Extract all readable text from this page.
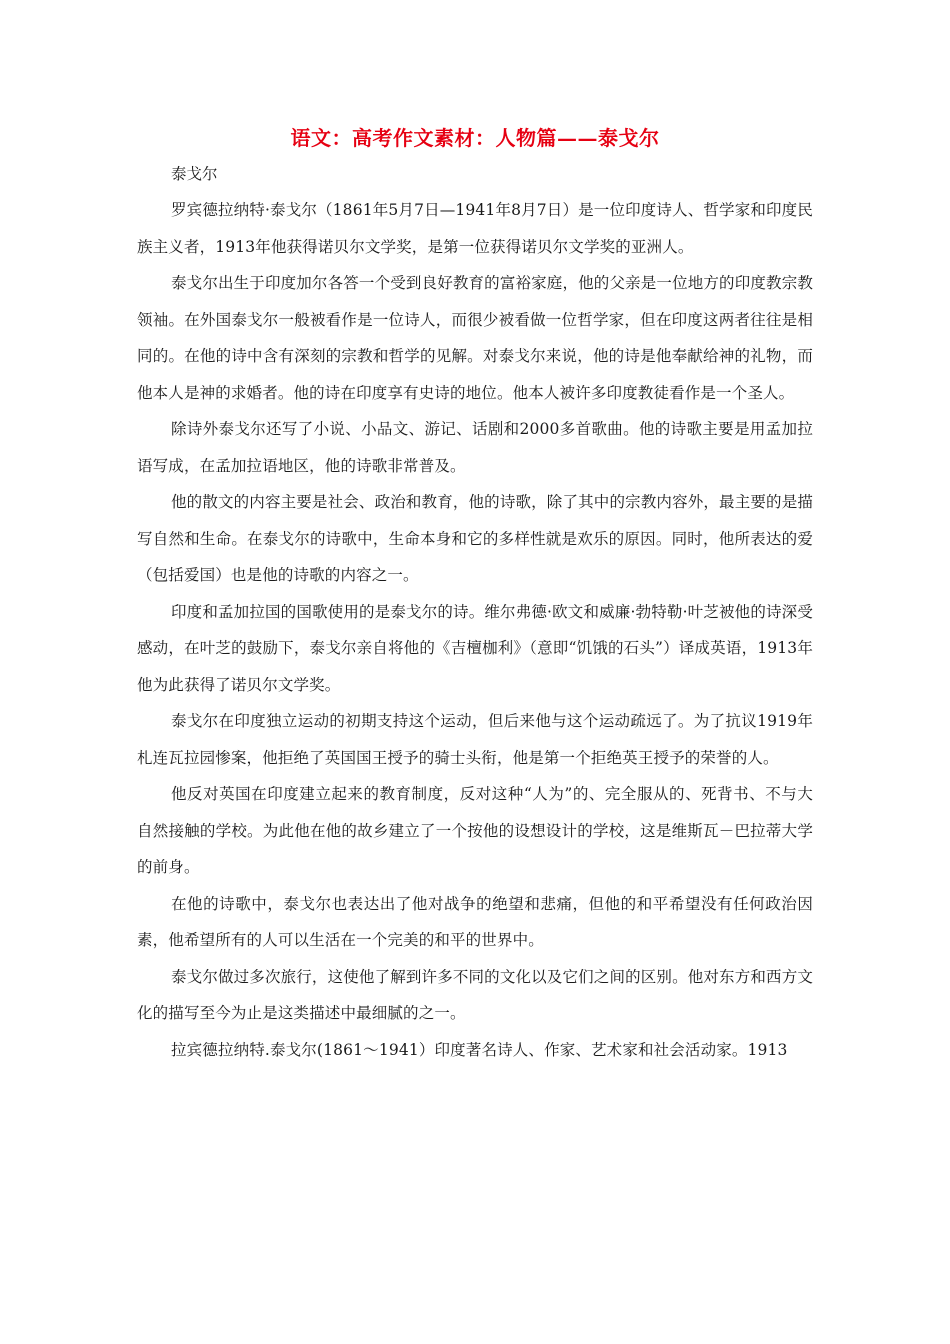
语文：高考作文素材：人物篇——泰戈尔

泰戈尔

罗宾德拉纳特·泰戈尔（1861年5月7日—1941年8月7日）是一位印度诗人、哲学家和印度民族主义者，1913年他获得诺贝尔文学奖，是第一位获得诺贝尔文学奖的亚洲人。

泰戈尔出生于印度加尔各答一个受到良好教育的富裕家庭，他的父亲是一位地方的印度教宗教领袖。在外国泰戈尔一般被看作是一位诗人，而很少被看做一位哲学家，但在印度这两者往往是相同的。在他的诗中含有深刻的宗教和哲学的见解。对泰戈尔来说，他的诗是他奉献给神的礼物，而他本人是神的求婚者。他的诗在印度享有史诗的地位。他本人被许多印度教徒看作是一个圣人。

除诗外泰戈尔还写了小说、小品文、游记、话剧和2000多首歌曲。他的诗歌主要是用孟加拉语写成，在孟加拉语地区，他的诗歌非常普及。

他的散文的内容主要是社会、政治和教育，他的诗歌，除了其中的宗教内容外，最主要的是描写自然和生命。在泰戈尔的诗歌中，生命本身和它的多样性就是欢乐的原因。同时，他所表达的爱（包括爱国）也是他的诗歌的内容之一。

印度和孟加拉国的国歌使用的是泰戈尔的诗。维尔弗德·欧文和威廉·勃特勒·叶芝被他的诗深受感动，在叶芝的鼓励下，泰戈尔亲自将他的《吉檀枷利》（意即“饥饿的石头”）译成英语，1913年他为此获得了诺贝尔文学奖。

泰戈尔在印度独立运动的初期支持这个运动，但后来他与这个运动疏远了。为了抗议1919年札连瓦拉园惨案，他拒绝了英国国王授予的骑士头衔，他是第一个拒绝英王授予的荣誉的人。

他反对英国在印度建立起来的教育制度，反对这种“人为”的、完全服从的、死背书、不与大自然接触的学校。为此他在他的故乡建立了一个按他的设想设计的学校，这是维斯瓦－巴拉蒂大学的前身。

在他的诗歌中，泰戈尔也表达出了他对战争的绝望和悲痛，但他的和平希望没有任何政治因素，他希望所有的人可以生活在一个完美的和平的世界中。

泰戈尔做过多次旅行，这使他了解到许多不同的文化以及它们之间的区别。他对东方和西方文化的描写至今为止是这类描述中最细腻的之一。

拉宾德拉纳特.泰戈尔(1861～1941）印度著名诗人、作家、艺术家和社会活动家。1913
